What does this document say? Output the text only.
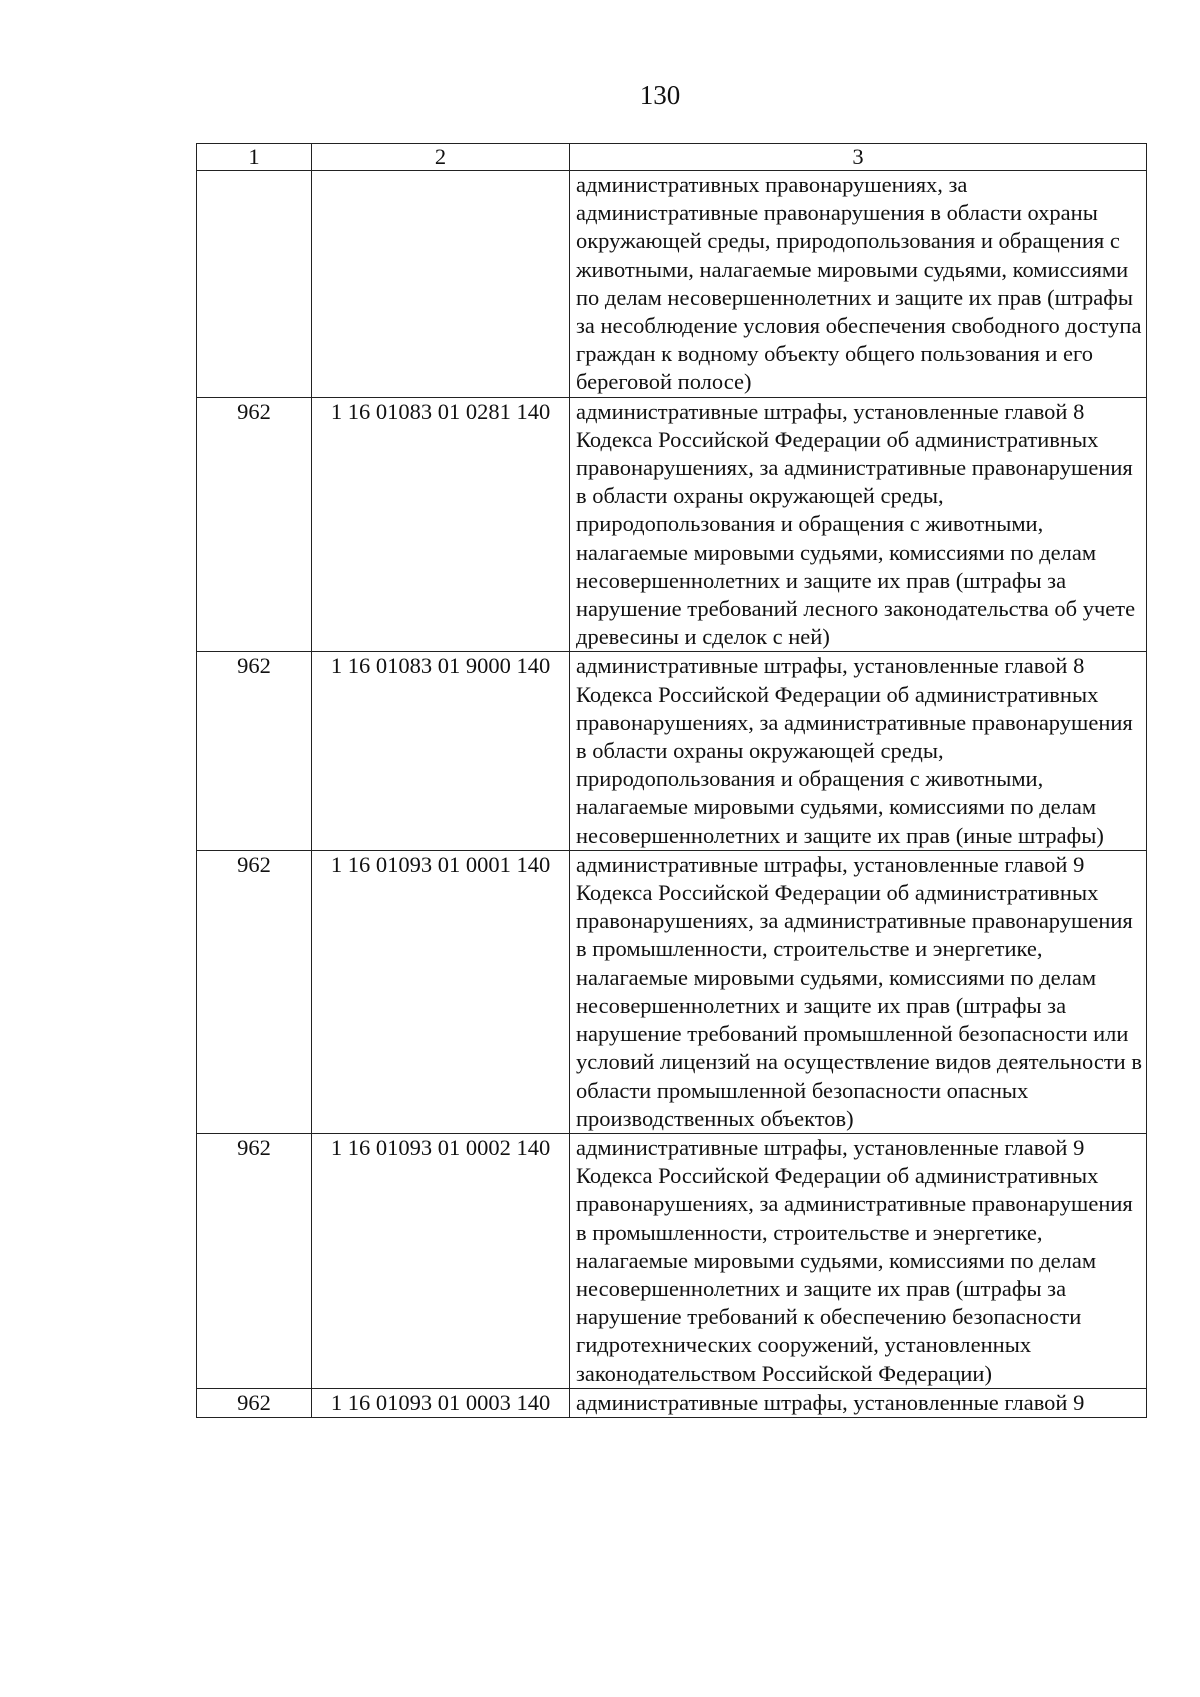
130
1	2	3
		административных правонарушениях, за административные правонарушения в области охраны окружающей среды, природопользования и обращения с животными, налагаемые мировыми судьями, комиссиями по делам несовершеннолетних и защите их прав (штрафы за несоблюдение условия обеспечения свободного доступа граждан к водному объекту общего пользования и его береговой полосе)
962	1 16 01083 01 0281 140	административные штрафы, установленные главой 8 Кодекса Российской Федерации об административных правонарушениях, за административные правонарушения в области охраны окружающей среды, природопользования и обращения с животными, налагаемые мировыми судьями, комиссиями по делам несовершеннолетних и защите их прав (штрафы за нарушение требований лесного законодательства об учете древесины и сделок с ней)
962	1 16 01083 01 9000 140	административные штрафы, установленные главой 8 Кодекса Российской Федерации об административных правонарушениях, за административные правонарушения в области охраны окружающей среды, природопользования и обращения с животными, налагаемые мировыми судьями, комиссиями по делам несовершеннолетних и защите их прав (иные штрафы)
962	1 16 01093 01 0001 140	административные штрафы, установленные главой 9 Кодекса Российской Федерации об административных правонарушениях, за административные правонарушения в промышленности, строительстве и энергетике, налагаемые мировыми судьями, комиссиями по делам несовершеннолетних и защите их прав (штрафы за нарушение требований промышленной безопасности или условий лицензий на осуществление видов деятельности в области промышленной безопасности опасных производственных объектов)
962	1 16 01093 01 0002 140	административные штрафы, установленные главой 9 Кодекса Российской Федерации об административных правонарушениях, за административные правонарушения в промышленности, строительстве и энергетике, налагаемые мировыми судьями, комиссиями по делам несовершеннолетних и защите их прав (штрафы за нарушение требований к обеспечению безопасности гидротехнических сооружений, установленных законодательством Российской Федерации)
962	1 16 01093 01 0003 140	административные штрафы, установленные главой 9
